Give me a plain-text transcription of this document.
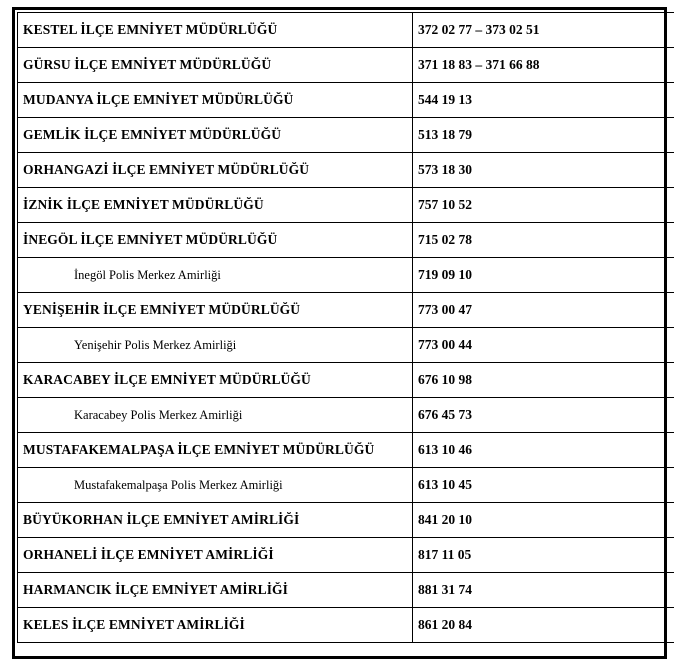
KESTEL İLÇE EMNİYET MÜDÜRLÜĞÜ	372 02 77 – 373 02 51
GÜRSU İLÇE EMNİYET MÜDÜRLÜĞÜ	371 18 83 – 371 66 88
MUDANYA İLÇE EMNİYET MÜDÜRLÜĞÜ	544 19 13
GEMLİK İLÇE EMNİYET MÜDÜRLÜĞÜ	513 18 79
ORHANGAZİ İLÇE EMNİYET MÜDÜRLÜĞÜ	573 18 30
İZNİK İLÇE EMNİYET MÜDÜRLÜĞÜ	757 10 52
İNEGÖL İLÇE EMNİYET MÜDÜRLÜĞÜ	715 02 78
İnegöl Polis Merkez Amirliği	719 09 10
YENİŞEHİR İLÇE EMNİYET MÜDÜRLÜĞÜ	773 00 47
Yenişehir Polis Merkez Amirliği	773 00 44
KARACABEY İLÇE EMNİYET MÜDÜRLÜĞÜ	676 10 98
Karacabey Polis Merkez Amirliği	676 45 73
MUSTAFAKEMALPAŞA İLÇE EMNİYET MÜDÜRLÜĞÜ	613 10 46
Mustafakemalpaşa Polis Merkez Amirliği	613 10 45
BÜYÜKORHAN İLÇE EMNİYET AMİRLİĞİ	841 20 10
ORHANELİ İLÇE EMNİYET AMİRLİĞİ	817 11 05
HARMANCIK İLÇE EMNİYET AMİRLİĞİ	881 31 74
KELES İLÇE EMNİYET AMİRLİĞİ	861 20 84
